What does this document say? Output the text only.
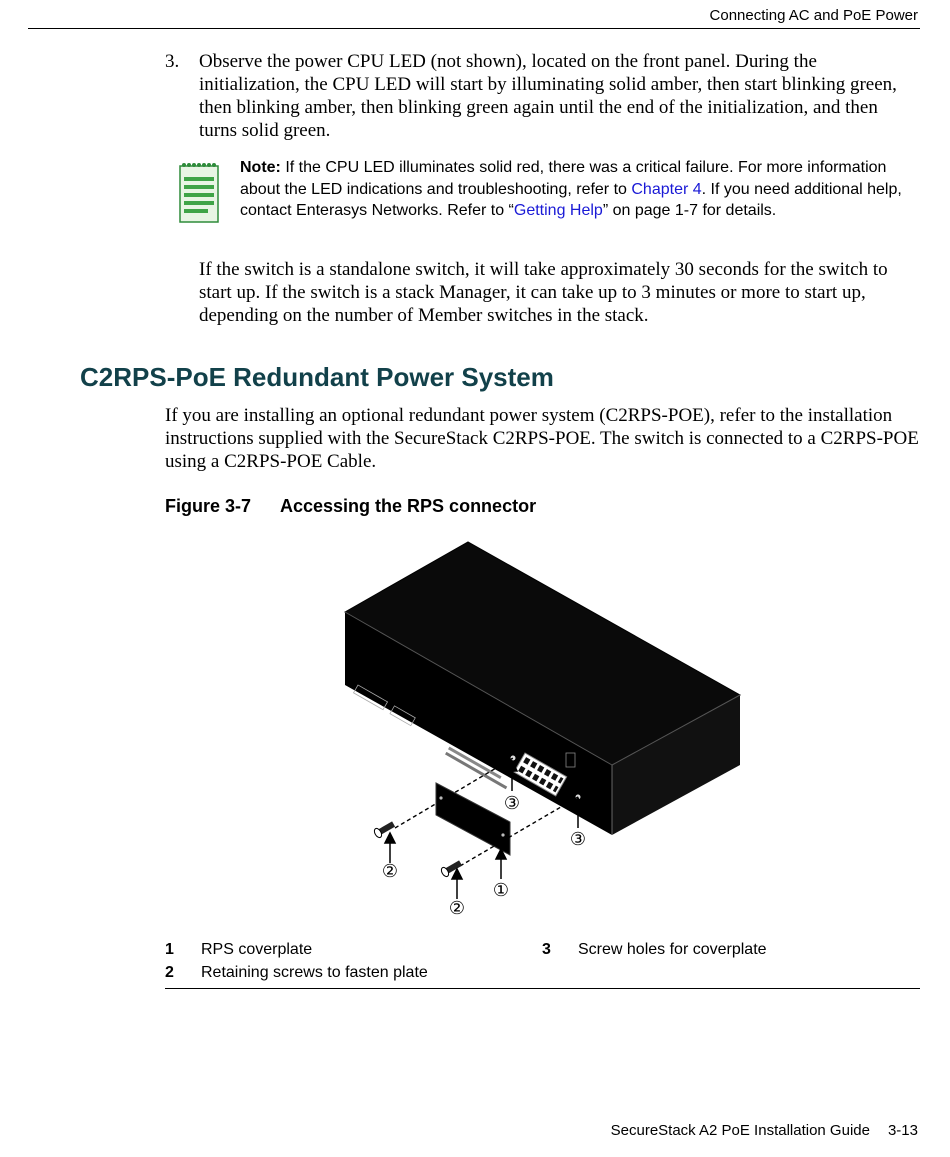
Connecting AC and PoE Power
3. Observe the power CPU LED (not shown), located on the front panel. During the initialization, the CPU LED will start by illuminating solid amber, then start blinking green, then blinking amber, then blinking green again until the end of the initialization, and then turns solid green.
Note: If the CPU LED illuminates solid red, there was a critical failure. For more information about the LED indications and troubleshooting, refer to Chapter 4. If you need additional help, contact Enterasys Networks. Refer to “Getting Help” on page 1-7 for details.
If the switch is a standalone switch, it will take approximately 30 seconds for the switch to start up. If the switch is a stack Manager, it can take up to 3 minutes or more to start up, depending on the number of Member switches in the stack.
C2RPS-PoE Redundant Power System
If you are installing an optional redundant power system (C2RPS-POE), refer to the installation instructions supplied with the SecureStack C2RPS-POE. The switch is connected to a C2RPS-POE using a C2RPS-POE Cable.
Figure 3-7 Accessing the RPS connector
③
③
②
②
①
1 RPS coverplate
2 Retaining screws to fasten plate
3 Screw holes for coverplate
SecureStack A2 PoE Installation Guide 3-13
